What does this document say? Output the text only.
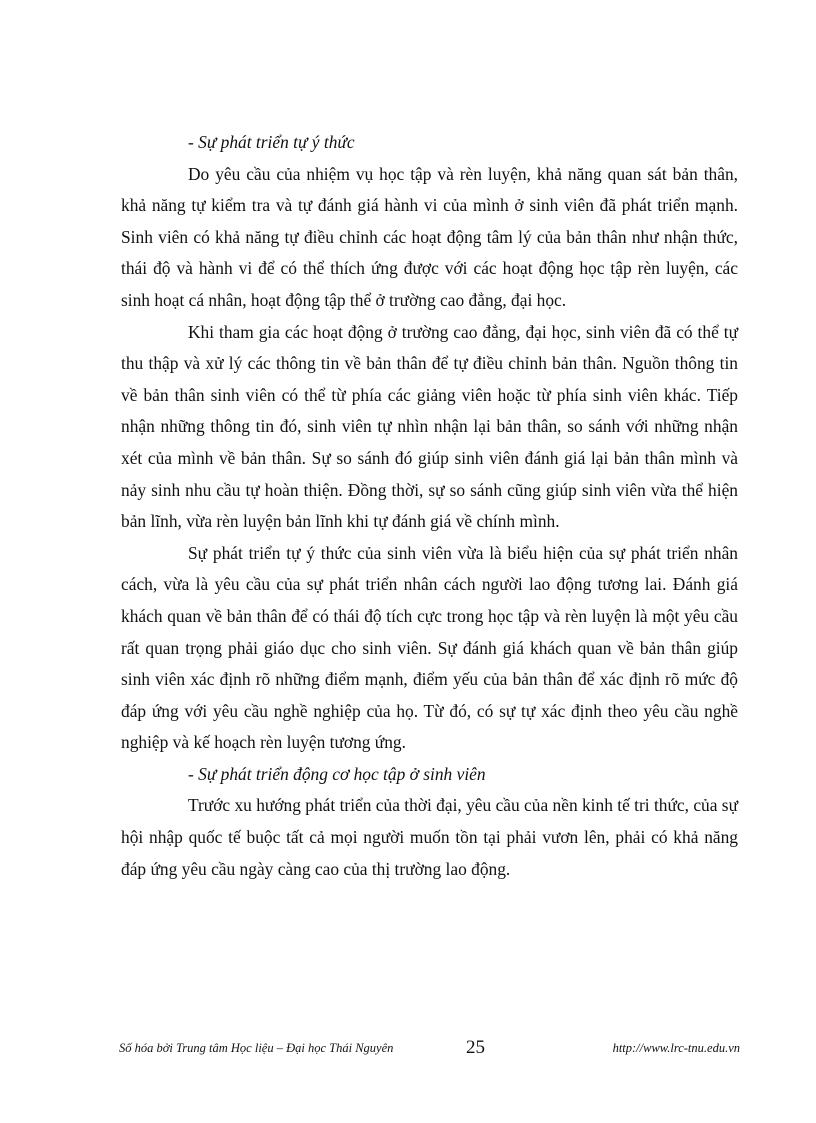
- Sự phát triển tự ý thức

Do yêu cầu của nhiệm vụ học tập và rèn luyện, khả năng quan sát bản thân, khả năng tự kiểm tra và tự đánh giá hành vi của mình ở sinh viên đã phát triển mạnh. Sinh viên có khả năng tự điều chỉnh các hoạt động tâm lý của bản thân như nhận thức, thái độ và hành vi để có thể thích ứng được với các hoạt động học tập rèn luyện, các sinh hoạt cá nhân, hoạt động tập thể ở trường cao đẳng, đại học.

Khi tham gia các hoạt động ở trường cao đẳng, đại học, sinh viên đã có thể tự thu thập và xử lý các thông tin về bản thân để tự điều chỉnh bản thân. Nguồn thông tin về bản thân sinh viên có thể từ phía các giảng viên hoặc từ phía sinh viên khác. Tiếp nhận những thông tin đó, sinh viên tự nhìn nhận lại bản thân, so sánh với những nhận xét của mình về bản thân. Sự so sánh đó giúp sinh viên đánh giá lại bản thân mình và nảy sinh nhu cầu tự hoàn thiện. Đồng thời, sự so sánh cũng giúp sinh viên vừa thể hiện bản lĩnh, vừa rèn luyện bản lĩnh khi tự đánh giá về chính mình.

Sự phát triển tự ý thức của sinh viên vừa là biểu hiện của sự phát triển nhân cách, vừa là yêu cầu của sự phát triển nhân cách người lao động tương lai. Đánh giá khách quan về bản thân để có thái độ tích cực trong học tập và rèn luyện là một yêu cầu rất quan trọng phải giáo dục cho sinh viên. Sự đánh giá khách quan về bản thân giúp sinh viên xác định rõ những điểm mạnh, điểm yếu của bản thân để xác định rõ mức độ đáp ứng với yêu cầu nghề nghiệp của họ. Từ đó, có sự tự xác định theo yêu cầu nghề nghiệp và kế hoạch rèn luyện tương ứng.

- Sự phát triển động cơ học tập ở sinh viên

Trước xu hướng phát triển của thời đại, yêu cầu của nền kinh tế tri thức, của sự hội nhập quốc tế buộc tất cả mọi người muốn tồn tại phải vươn lên, phải có khả năng đáp ứng yêu cầu ngày càng cao của thị trường lao động.

Số hóa bởi Trung tâm Học liệu – Đại học Thái Nguyên	25	http://www.lrc-tnu.edu.vn
